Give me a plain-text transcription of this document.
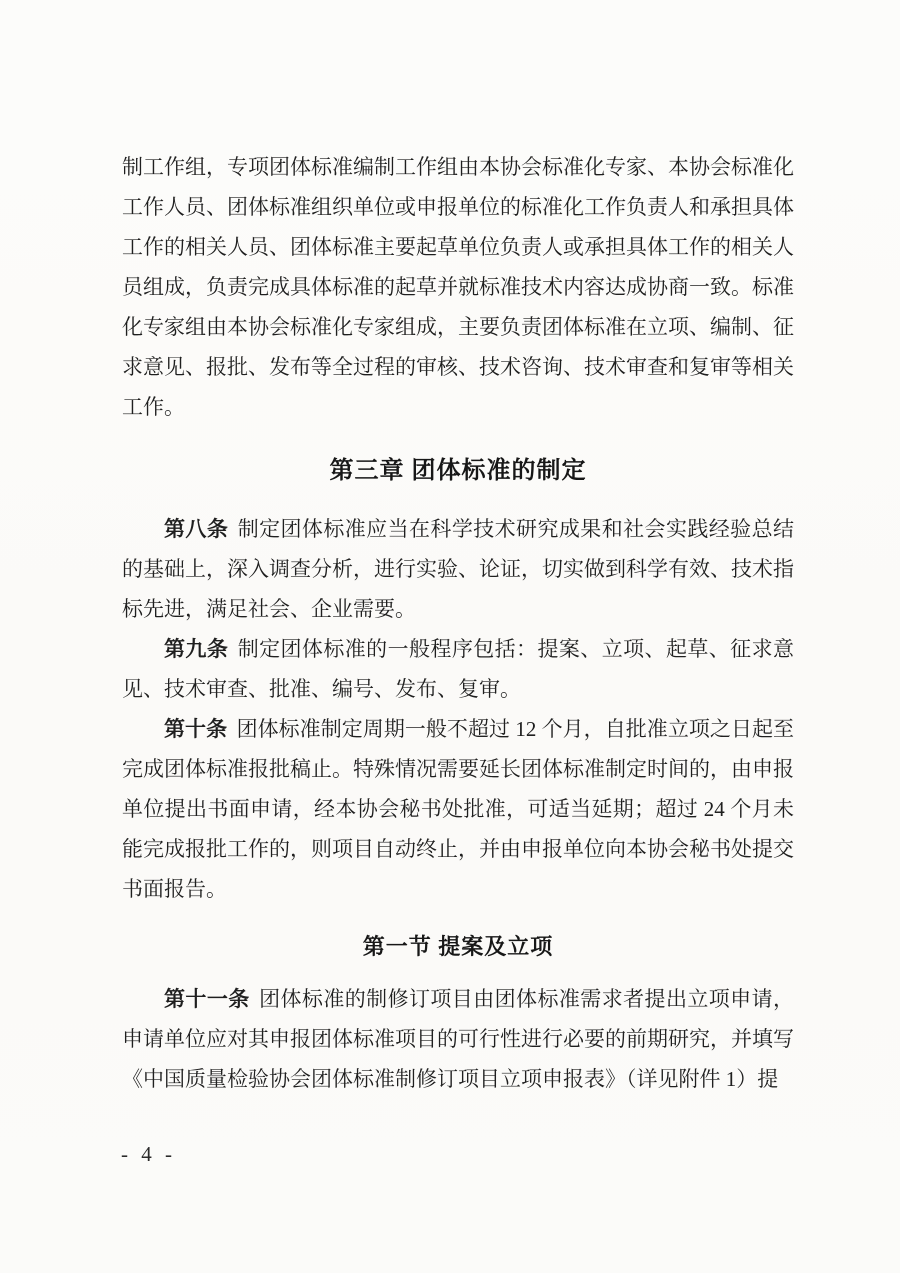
制工作组，专项团体标准编制工作组由本协会标准化专家、本协会标准化工作人员、团体标准组织单位或申报单位的标准化工作负责人和承担具体工作的相关人员、团体标准主要起草单位负责人或承担具体工作的相关人员组成，负责完成具体标准的起草并就标准技术内容达成协商一致。标准化专家组由本协会标准化专家组成，主要负责团体标准在立项、编制、征求意见、报批、发布等全过程的审核、技术咨询、技术审查和复审等相关工作。

第三章 团体标准的制定

第八条 制定团体标准应当在科学技术研究成果和社会实践经验总结的基础上，深入调查分析，进行实验、论证，切实做到科学有效、技术指标先进，满足社会、企业需要。

第九条 制定团体标准的一般程序包括：提案、立项、起草、征求意见、技术审查、批准、编号、发布、复审。

第十条 团体标准制定周期一般不超过 12 个月，自批准立项之日起至完成团体标准报批稿止。特殊情况需要延长团体标准制定时间的，由申报单位提出书面申请，经本协会秘书处批准，可适当延期；超过 24 个月未能完成报批工作的，则项目自动终止，并由申报单位向本协会秘书处提交书面报告。

第一节 提案及立项

第十一条 团体标准的制修订项目由团体标准需求者提出立项申请，申请单位应对其申报团体标准项目的可行性进行必要的前期研究，并填写《中国质量检验协会团体标准制修订项目立项申报表》（详见附件 1）提

- 4 -
